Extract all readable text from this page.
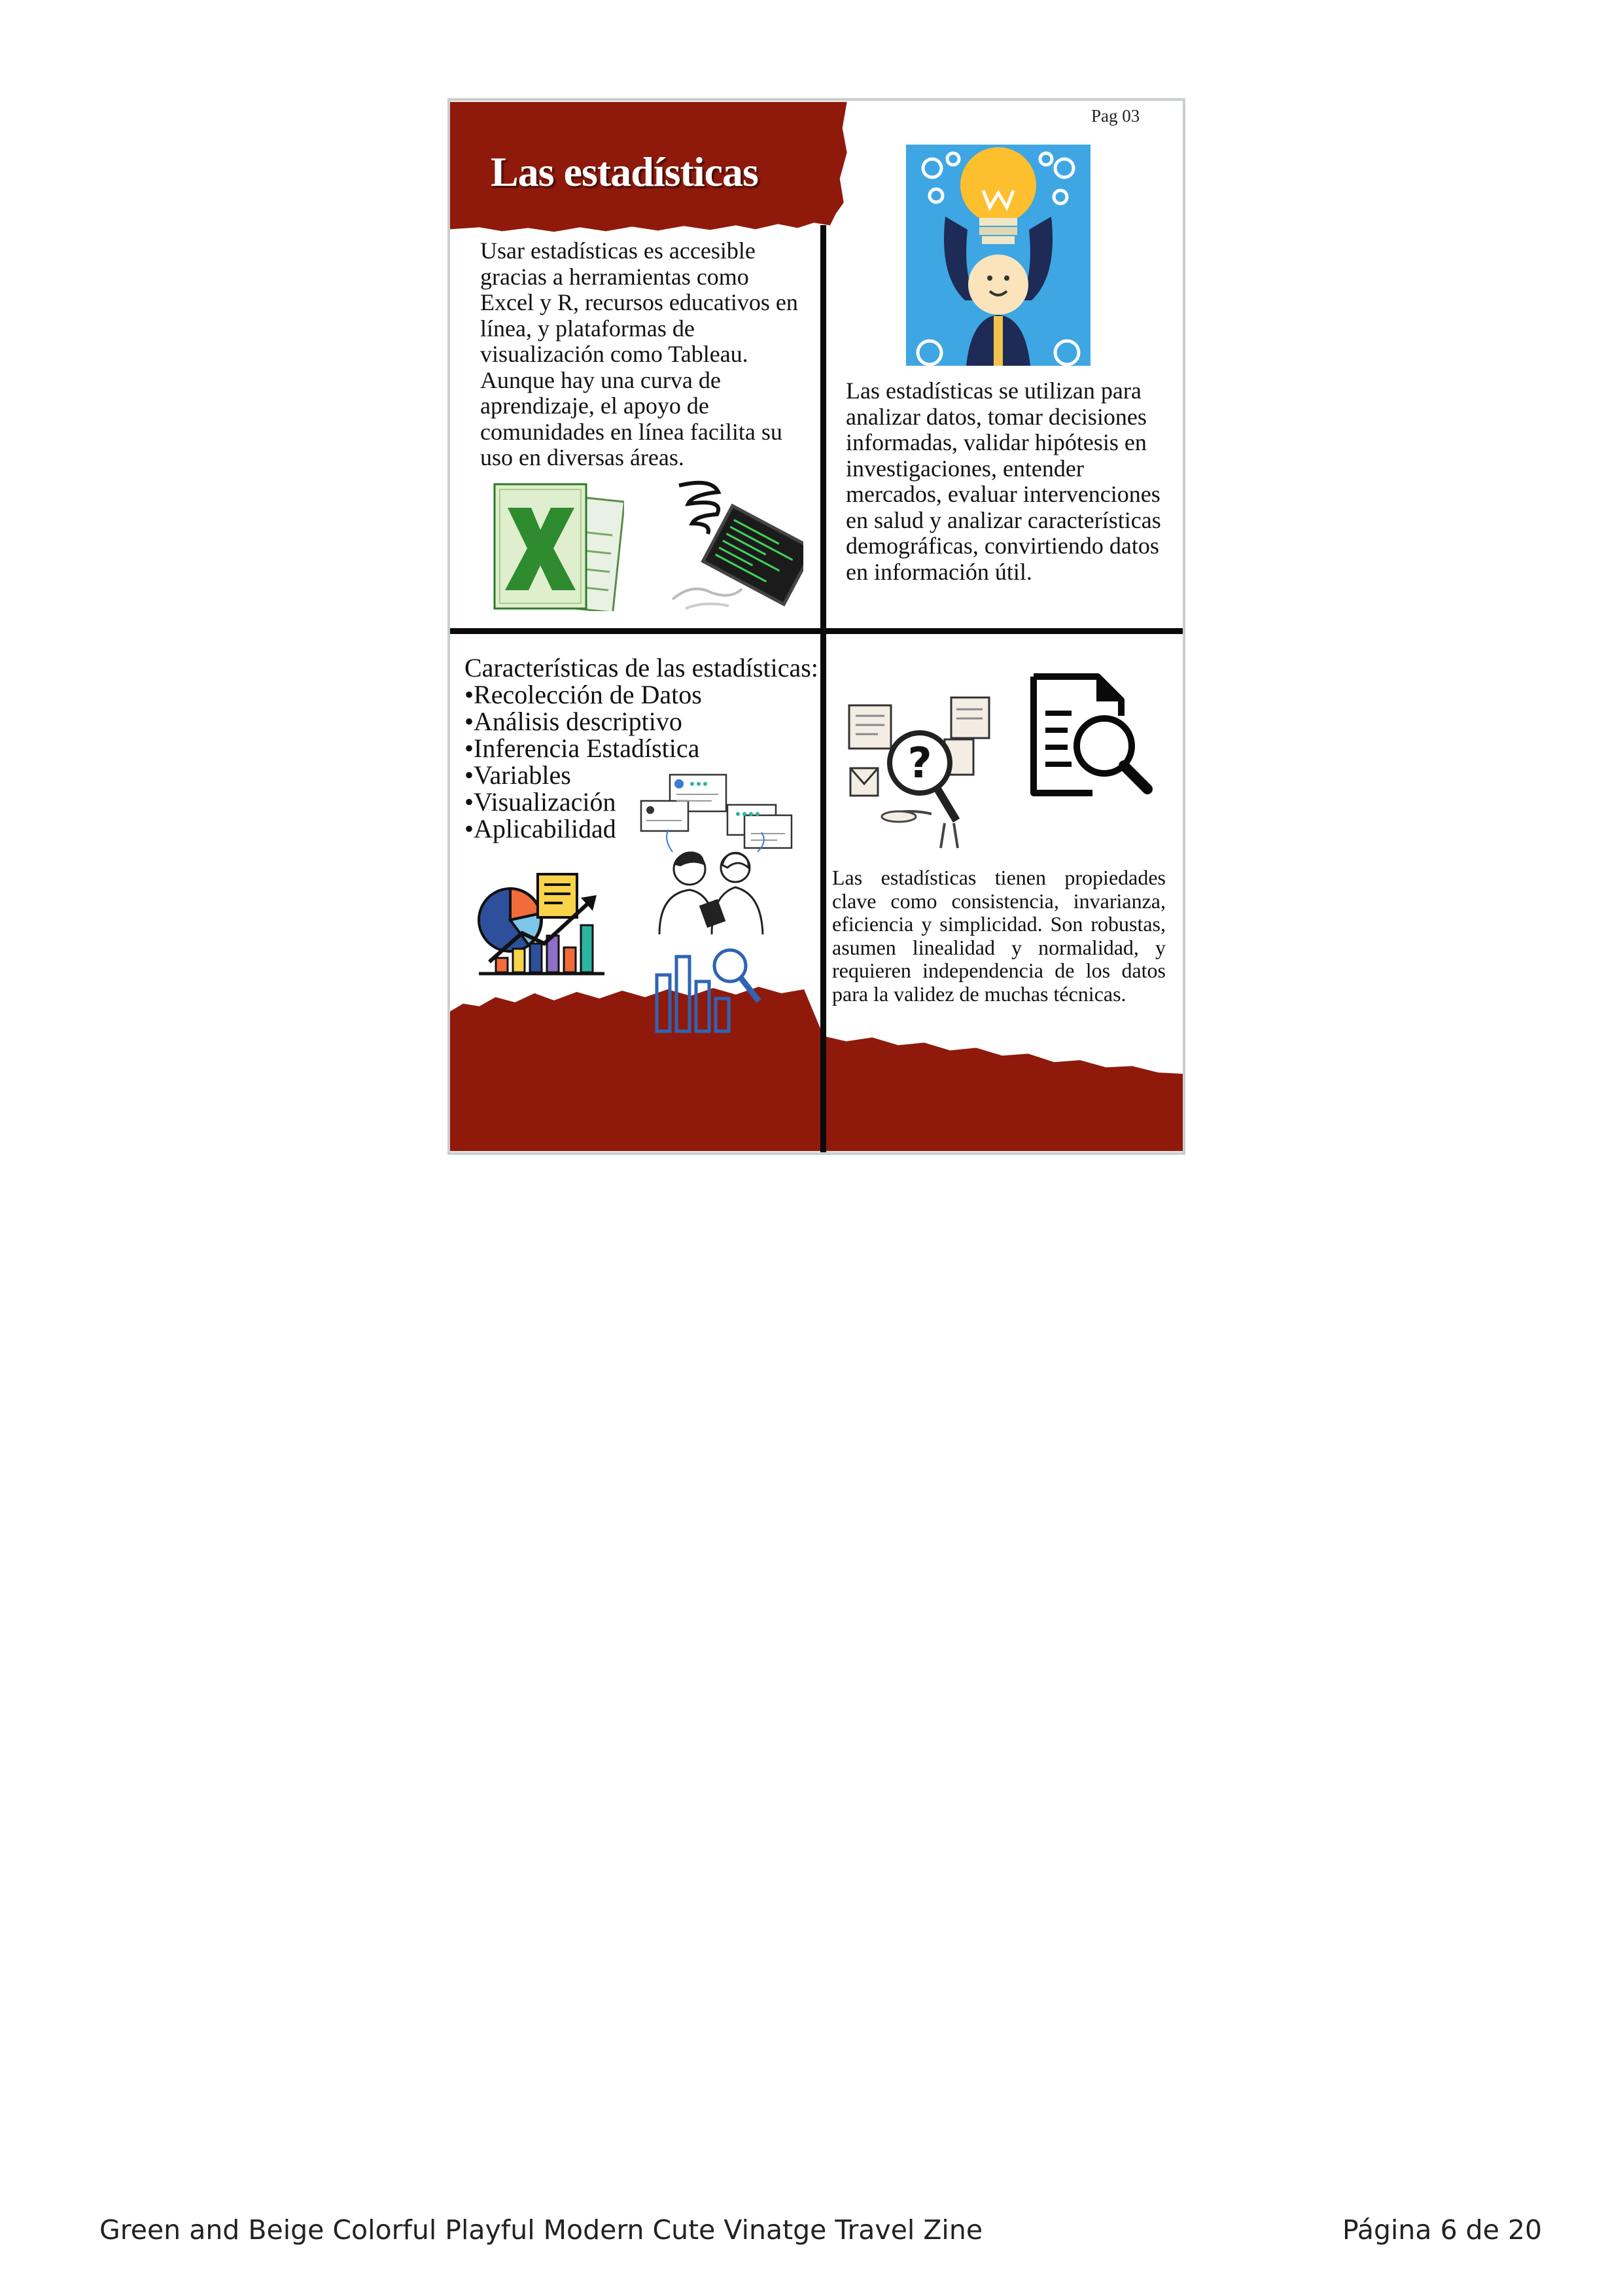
Las estadísticas
Pag 03
Usar estadísticas es accesible gracias a herramientas como Excel y R, recursos educativos en línea, y plataformas de visualización como Tableau. Aunque hay una curva de aprendizaje, el apoyo de comunidades en línea facilita su uso en diversas áreas.
Las estadísticas se utilizan para analizar datos, tomar decisiones informadas, validar hipótesis en investigaciones, entender mercados, evaluar intervenciones en salud y analizar características demográficas, convirtiendo datos en información útil.
Características de las estadísticas:
• Recolección de Datos
• Análisis descriptivo
• Inferencia Estadística
• Variables
• Visualización
• Aplicabilidad
?
Las estadísticas tienen propiedades clave como consistencia, invarianza, eficiencia y simplicidad. Son robustas, asumen linealidad y normalidad, y requieren independencia de los datos para la validez de muchas técnicas.
Green and Beige Colorful Playful Modern Cute Vinatge Travel Zine	Página 6 de 20
